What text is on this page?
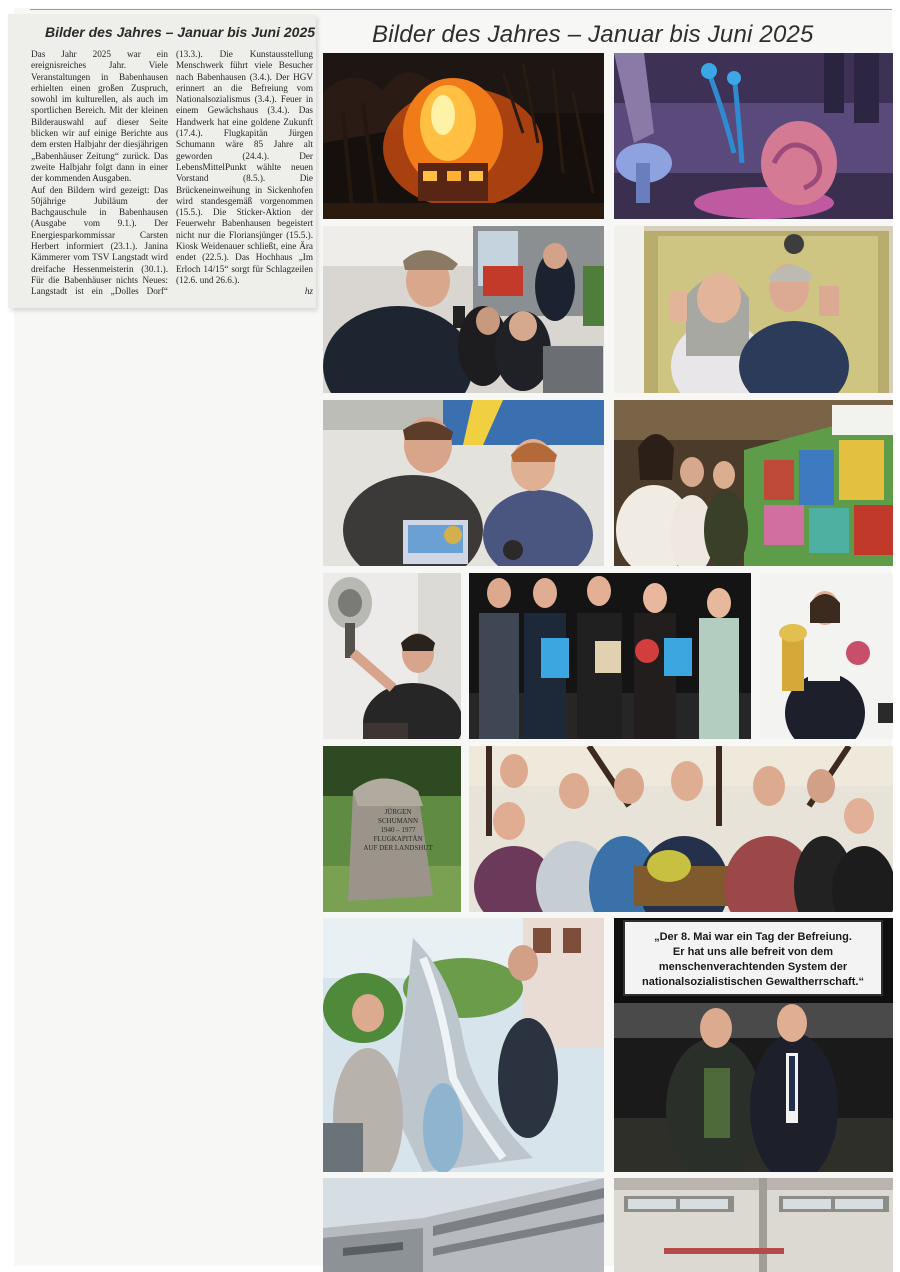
Bilder des Jahres – Januar bis Juni 2025

Das Jahr 2025 war ein ereignisreiches Jahr. Viele Veranstaltungen in Babenhausen erhielten einen großen Zuspruch, sowohl im kulturellen, als auch im sportlichen Bereich. Mit der kleinen Bilderauswahl auf dieser Seite blicken wir auf einige Berichte aus dem ersten Halbjahr der diesjährigen „Babenhäuser Zeitung“ zurück. Das zweite Halbjahr folgt dann in einer der kommenden Ausgaben.

Auf den Bildern wird gezeigt: Das 50jährige Jubiläum der Bachgauschule in Babenhausen (Ausgabe vom 9.1.). Der Energiesparkommissar Carsten Herbert informiert (23.1.). Janina Kämmerer vom TSV Langstadt wird dreifache Hessenmeisterin (30.1.). Für die Babenhäuser nichts Neues: Langstadt ist ein „Dolles Dorf“ (13.3.). Die Kunstausstellung Menschwerk führt viele Besucher nach Babenhausen (3.4.). Der HGV erinnert an die Befreiung vom Nationalsozialismus (3.4.). Feuer in einem Gewächshaus (3.4.). Das Handwerk hat eine goldene Zukunft (17.4.). Flugkapitän Jürgen Schumann wäre 85 Jahre alt geworden (24.4.). Der LebensMittelPunkt wählte neuen Vorstand (8.5.). Die Brückeneinweihung in Sickenhofen wird standesgemäß vorgenommen (15.5.). Die Sticker-Aktion der Feuerwehr Babenhausen begeistert nicht nur die Floriansjünger (15.5.). Kiosk Weidenauer schließt, eine Ära endet (22.5.). Das Hochhaus „Im Erloch 14/15“ sorgt für Schlagzeilen (12.6. und 26.6.).

hz
Bilder des Jahres – Januar bis Juni 2025
JÜRGEN
SCHUMANN
1940 – 1977
FLUGKAPITÄN
AUF DER LANDSHUT
„Der 8. Mai war ein Tag der Befreiung.
Er hat uns alle befreit von dem
menschenverachtenden System der
nationalsozialistischen Gewaltherrschaft.“
